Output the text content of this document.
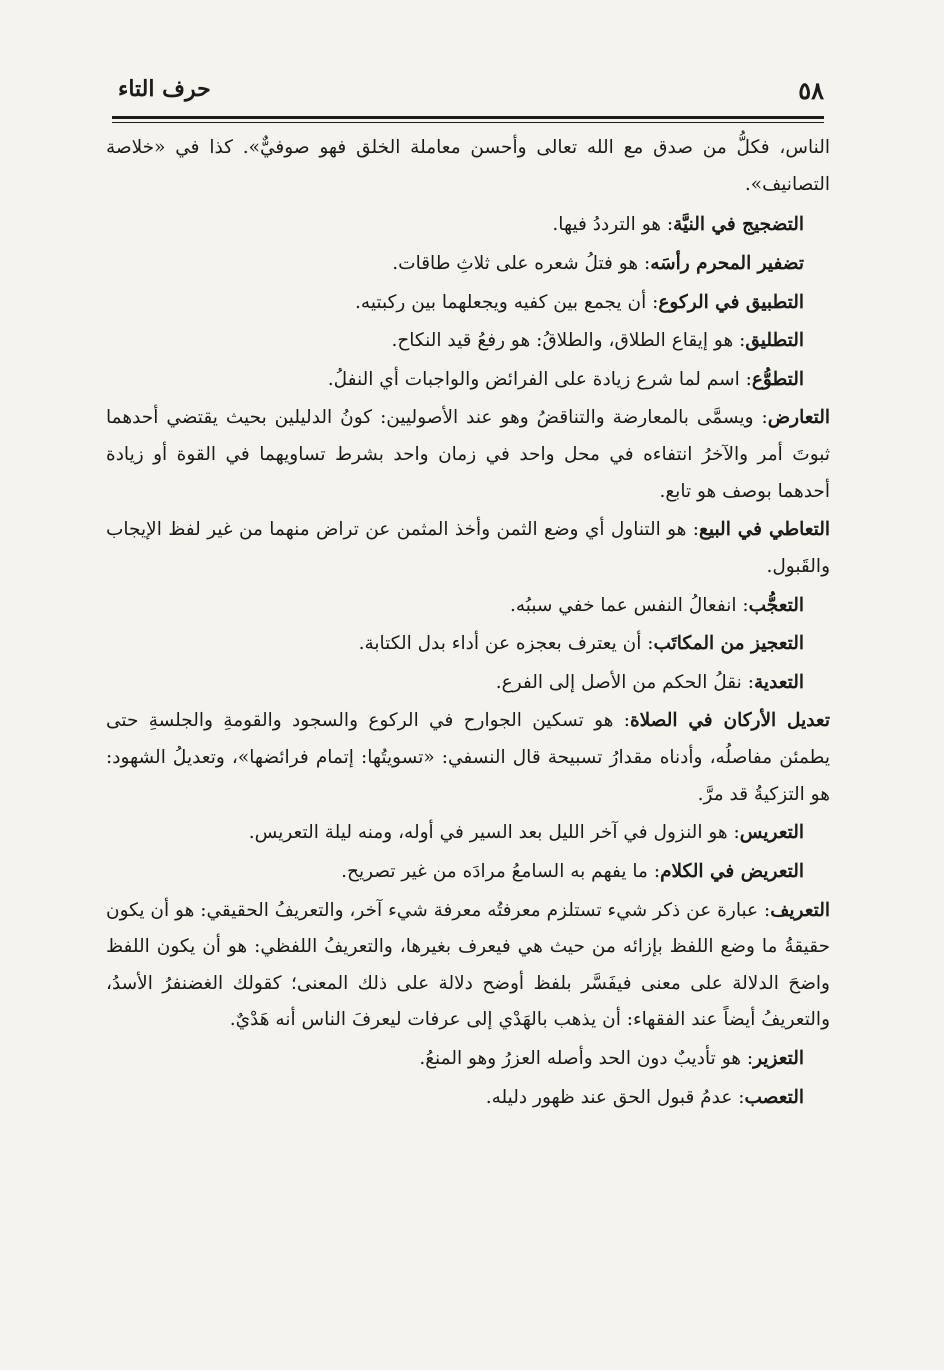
٥٨
حرف التاء

الناس، فكلُّ من صدق مع الله تعالى وأحسن معاملة الخلق فهو صوفيٌّ». كذا في «خلاصة التصانيف».

التضجيج في النيَّة: هو الترددُ فيها.

تضفير المحرم رأسَه: هو فتلُ شعره على ثلاثِ طاقات.

التطبيق في الركوع: أن يجمع بين كفيه ويجعلهما بين ركبتيه.

التطليق: هو إيقاع الطلاق، والطلاقُ: هو رفعُ قيد النكاح.

التطوُّع: اسم لما شرع زيادة على الفرائض والواجبات أي النفلُ.

التعارض: ويسمَّى بالمعارضة والتناقضُ وهو عند الأصوليين: كونُ الدليلين بحيث يقتضي أحدهما ثبوتَ أمر والآخرُ انتفاءه في محل واحد في زمان واحد بشرط تساويهما في القوة أو زيادة أحدهما بوصف هو تابع.

التعاطي في البيع: هو التناول أي وضع الثمن وأخذ المثمن عن تراض منهما من غير لفظ الإيجاب والقَبول.

التعجُّب: انفعالُ النفس عما خفي سببُه.

التعجيز من المكاتَب: أن يعترف بعجزه عن أداء بدل الكتابة.

التعدية: نقلُ الحكم من الأصل إلى الفرع.

تعديل الأركان في الصلاة: هو تسكين الجوارح في الركوع والسجود والقومةِ والجلسةِ حتى يطمئن مفاصلُه، وأدناه مقدارُ تسبيحة قال النسفي: «تسويتُها: إتمام فرائضها»، وتعديلُ الشهود: هو التزكيةُ قد مرَّ.

التعريس: هو النزول في آخر الليل بعد السير في أوله، ومنه ليلة التعريس.

التعريض في الكلام: ما يفهم به السامعُ مرادَه من غير تصريح.

التعريف: عبارة عن ذكر شيء تستلزم معرفتُه معرفة شيء آخر، والتعريفُ الحقيقي: هو أن يكون حقيقةُ ما وضع اللفظ بإزائه من حيث هي فيعرف بغيرها، والتعريفُ اللفظي: هو أن يكون اللفظ واضحَ الدلالة على معنى فيفَسَّر بلفظ أوضح دلالة على ذلك المعنى؛ كقولك الغضنفرُ الأسدُ، والتعريفُ أيضاً عند الفقهاء: أن يذهب بالهَدْي إلى عرفات ليعرفَ الناس أنه هَدْيٌ.

التعزير: هو تأديبٌ دون الحد وأصله العزرُ وهو المنعُ.

التعصب: عدمُ قبول الحق عند ظهور دليله.
